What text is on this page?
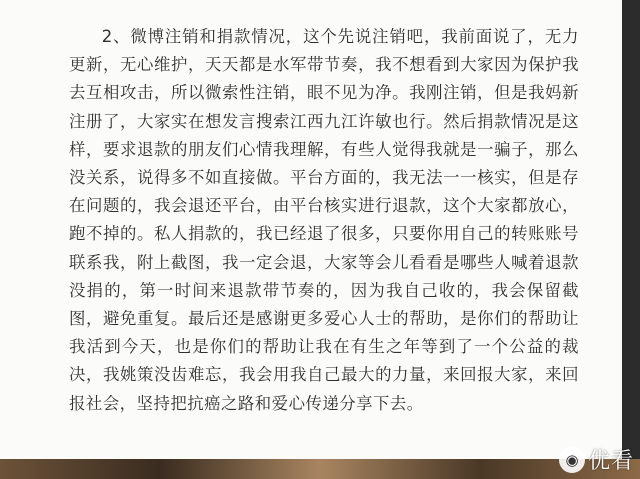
2、微博注销和捐款情况，这个先说注销吧，我前面说了，无力更新，无心维护，天天都是水军带节奏，我不想看到大家因为保护我去互相攻击，所以微索性注销，眼不见为净。我刚注销，但是我妈新注册了，大家实在想发言搜索江西九江许敏也行。然后捐款情况是这样，要求退款的朋友们心情我理解，有些人觉得我就是一骗子，那么没关系，说得多不如直接做。平台方面的，我无法一一核实，但是存在问题的，我会退还平台，由平台核实进行退款，这个大家都放心，跑不掉的。私人捐款的，我已经退了很多，只要你用自己的转账账号联系我，附上截图，我一定会退，大家等会儿看看是哪些人喊着退款没捐的，第一时间来退款带节奏的，因为我自己收的，我会保留截图，避免重复。最后还是感谢更多爱心人士的帮助，是你们的帮助让我活到今天，也是你们的帮助让我在有生之年等到了一个公益的裁决，我姚策没齿难忘，我会用我自己最大的力量，来回报大家，来回报社会，坚持把抗癌之路和爱心传递分享下去。

◉ 优看
